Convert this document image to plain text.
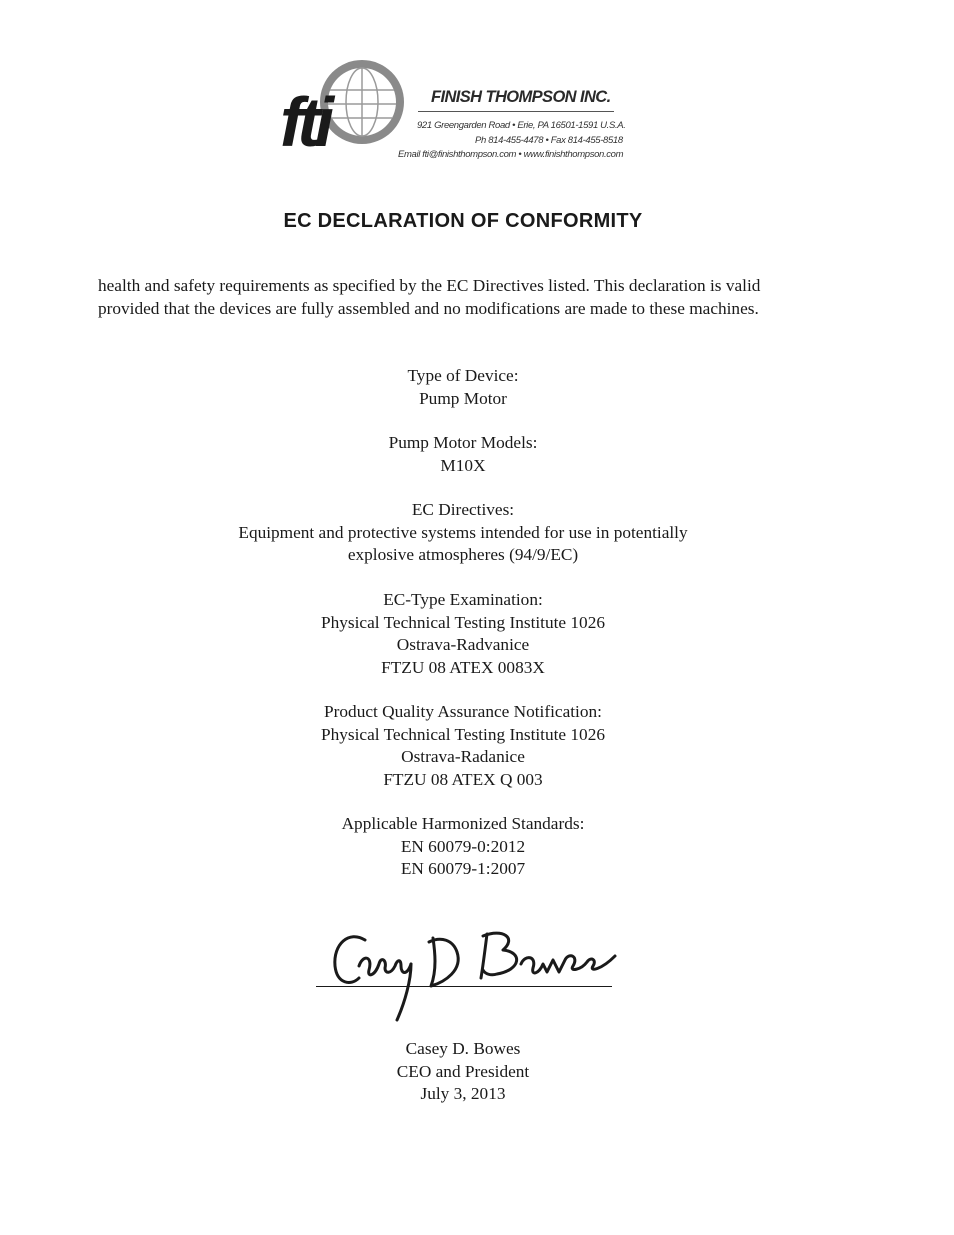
fti	FINISH THOMPSON INC.
921 Greengarden Road • Erie, PA 16501-1591 U.S.A.
Ph 814-455-4478 • Fax 814-455-8518
Email fti@finishthompson.com • www.finishthompson.com
EC DECLARATION OF CONFORMITY

health and safety requirements as specified by the EC Directives listed. This declaration is valid
provided that the devices are fully assembled and no modifications are made to these machines.

Type of Device:
Pump Motor
Pump Motor Models:
M10X
EC Directives:
Equipment and protective systems intended for use in potentially
explosive atmospheres (94/9/EC)
EC-Type Examination:
Physical Technical Testing Institute 1026
Ostrava-Radvanice
FTZU 08 ATEX 0083X
Product Quality Assurance Notification:
Physical Technical Testing Institute 1026
Ostrava-Radanice
FTZU 08 ATEX Q 003
Applicable Harmonized Standards:
EN 60079-0:2012
EN 60079-1:2007
Casey D. Bowes
CEO and President
July 3, 2013
